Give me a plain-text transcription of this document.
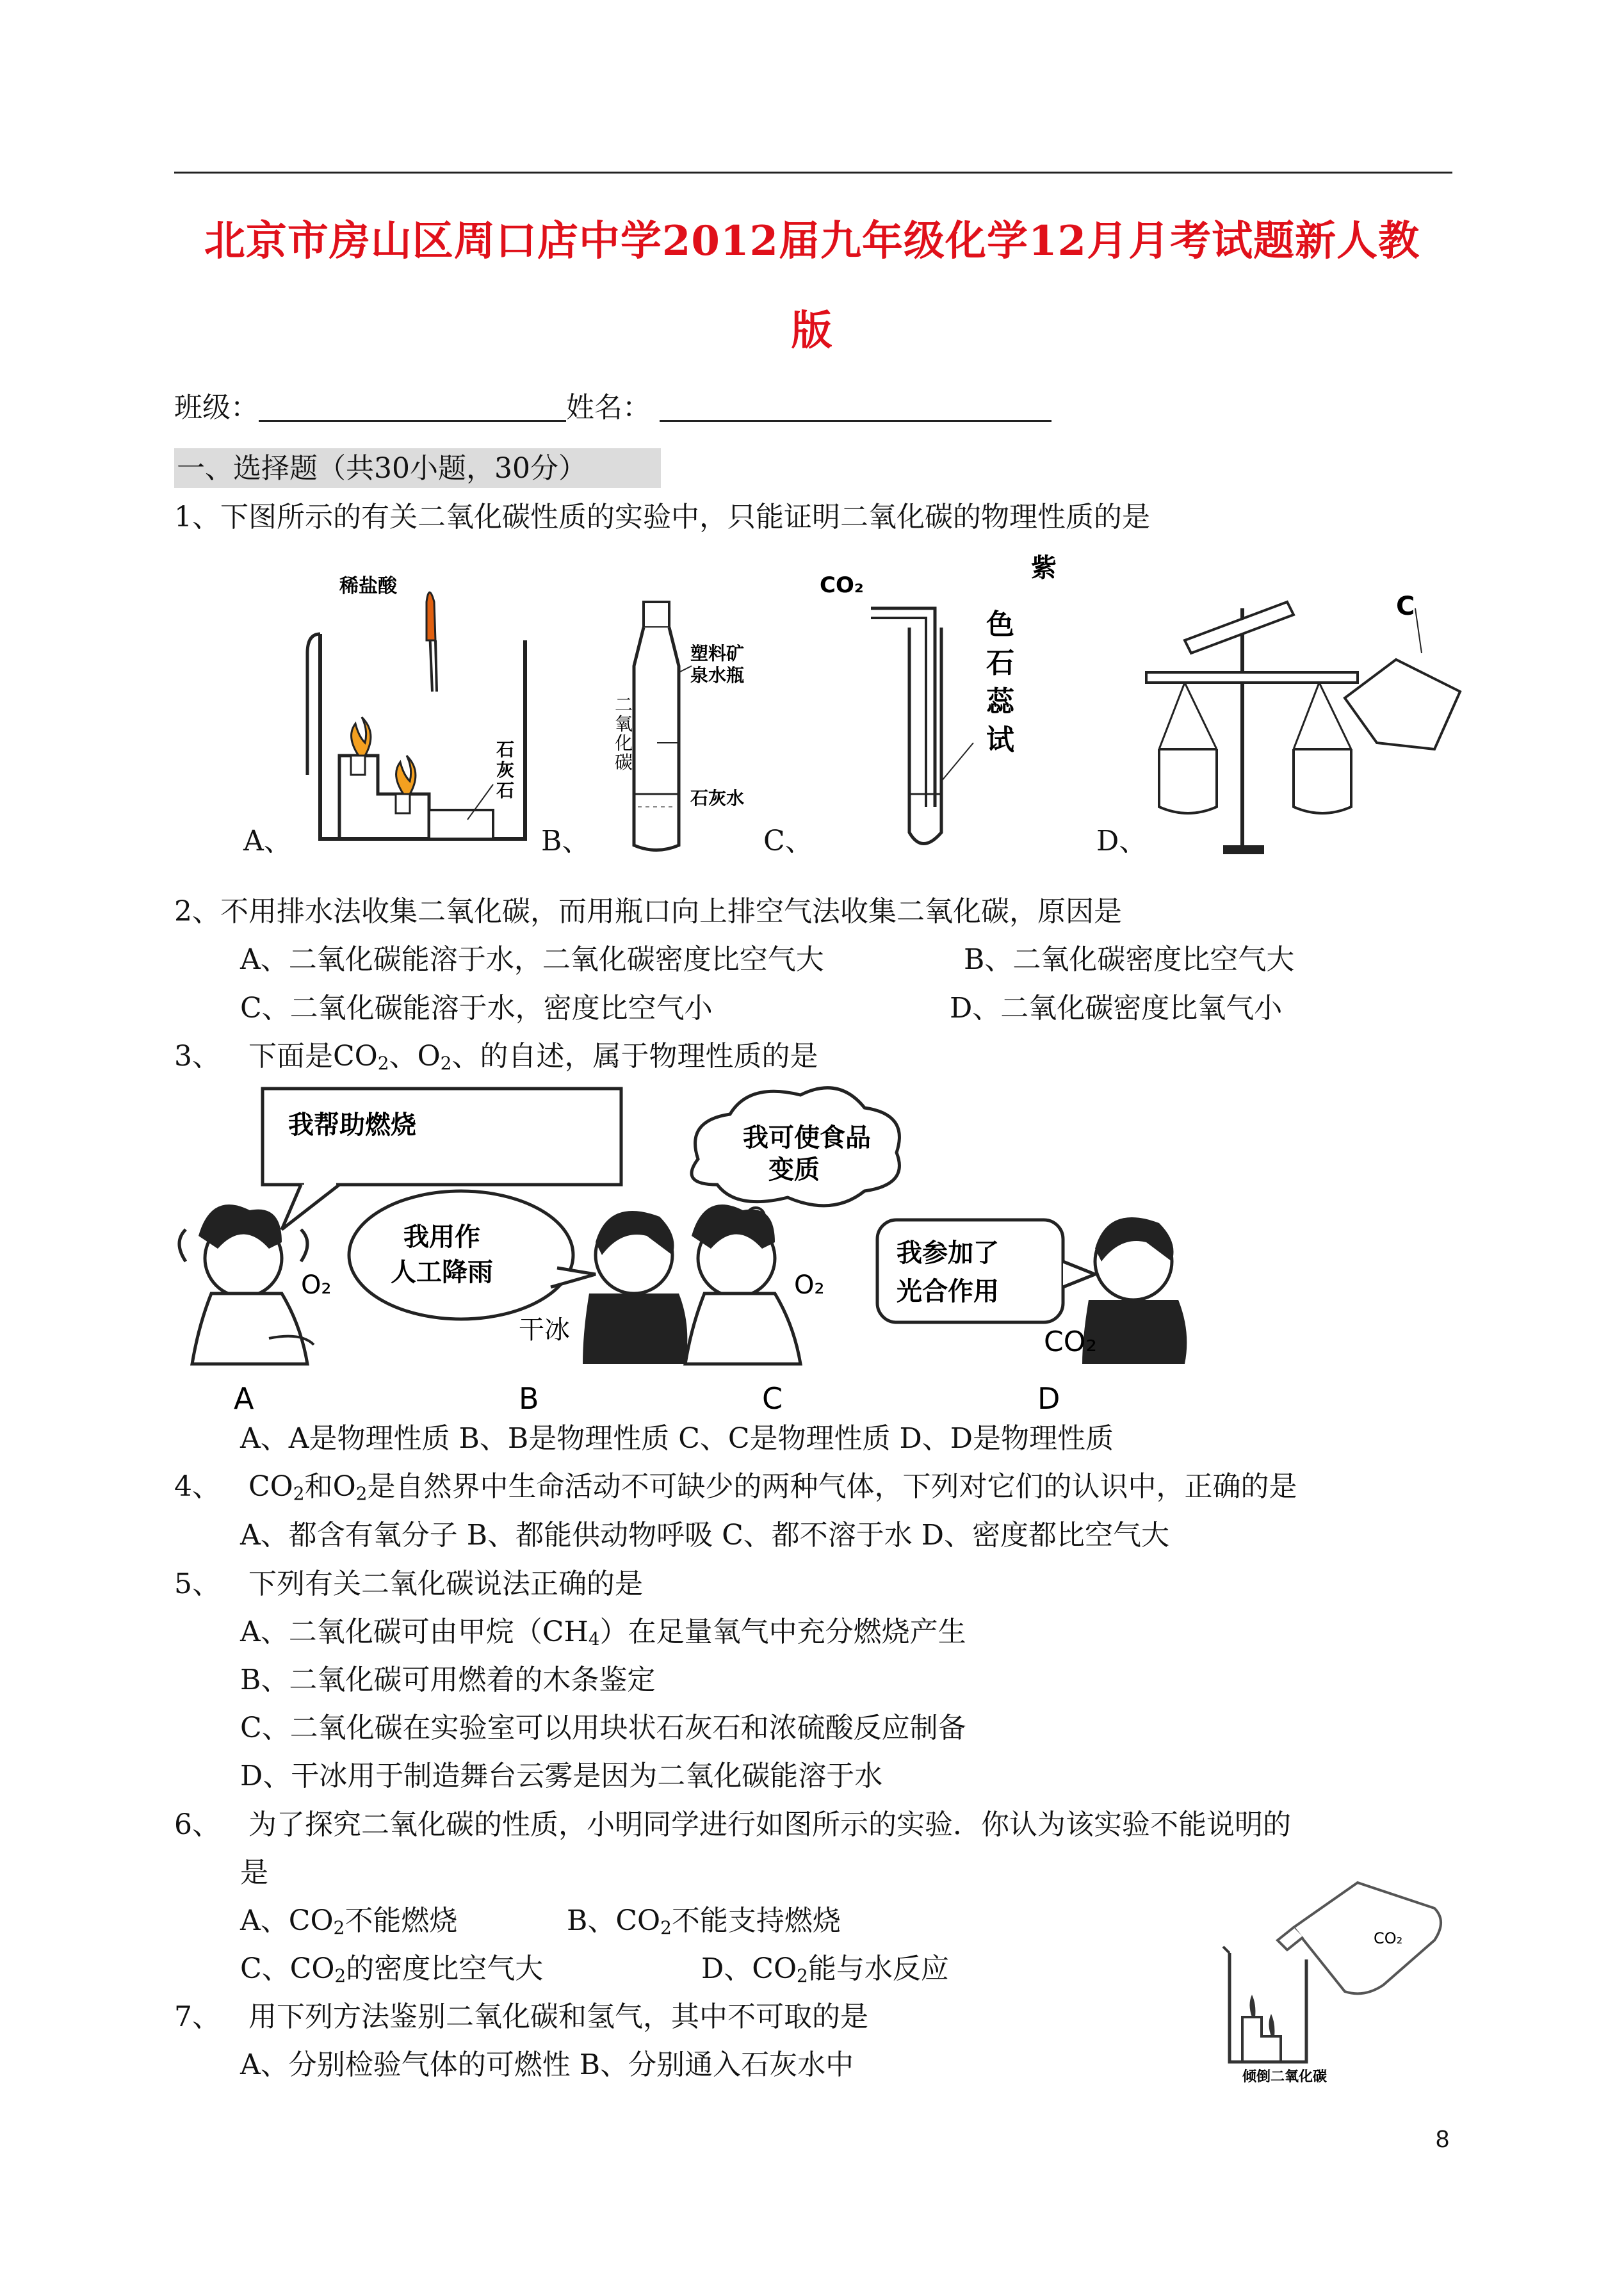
北京市房山区周口店中学2012届九年级化学12月月考试题新人教
版
班级：	姓名：
一、选择题（共30小题，30分）
1、下图所示的有关二氧化碳性质的实验中，只能证明二氧化碳的物理性质的是
稀盐酸
石
灰
石
A、
塑料矿
泉水瓶
二
氧
化
碳
石灰水
B、
CO₂
紫
色
石
蕊
试
C、
C
D、
2、不用排水法收集二氧化碳，而用瓶口向上排空气法收集二氧化碳，原因是
A、二氧化碳能溶于水，二氧化碳密度比空气大	B、二氧化碳密度比空气大
C、二氧化碳能溶于水，密度比空气小	D、二氧化碳密度比氧气小
3、 下面是$CO_2$、$O_2$、的自述，属于物理性质的是
我帮助燃烧
O₂
A
我用作
人工降雨
干冰
B
我可使食品
变质
O₂
C
我参加了
光合作用
CO₂
D
A、A是物理性质 B、B是物理性质 C、C是物理性质 D、D是物理性质
4、 $CO_2$和$O_2$是自然界中生命活动不可缺少的两种气体，下列对它们的认识中，正确的是
A、都含有氧分子 B、都能供动物呼吸 C、都不溶于水 D、密度都比空气大
5、 下列有关二氧化碳说法正确的是
A、二氧化碳可由甲烷$(CH_4)$在足量氧气中充分燃烧产生
B、二氧化碳可用燃着的木条鉴定
C、二氧化碳在实验室可以用块状石灰石和浓硫酸反应制备
D、干冰用于制造舞台云雾是因为二氧化碳能溶于水
6、 为了探究二氧化碳的性质，小明同学进行如图所示的实验．你认为该实验不能说明的
是
A、$CO_2$不能燃烧	B、$CO_2$不能支持燃烧
C、$CO_2$的密度比空气大	D、$CO_2$能与水反应
CO₂
倾倒二氧化碳
7、 用下列方法鉴别二氧化碳和氢气，其中不可取的是
A、分别检验气体的可燃性 B、分别通入石灰水中
8
